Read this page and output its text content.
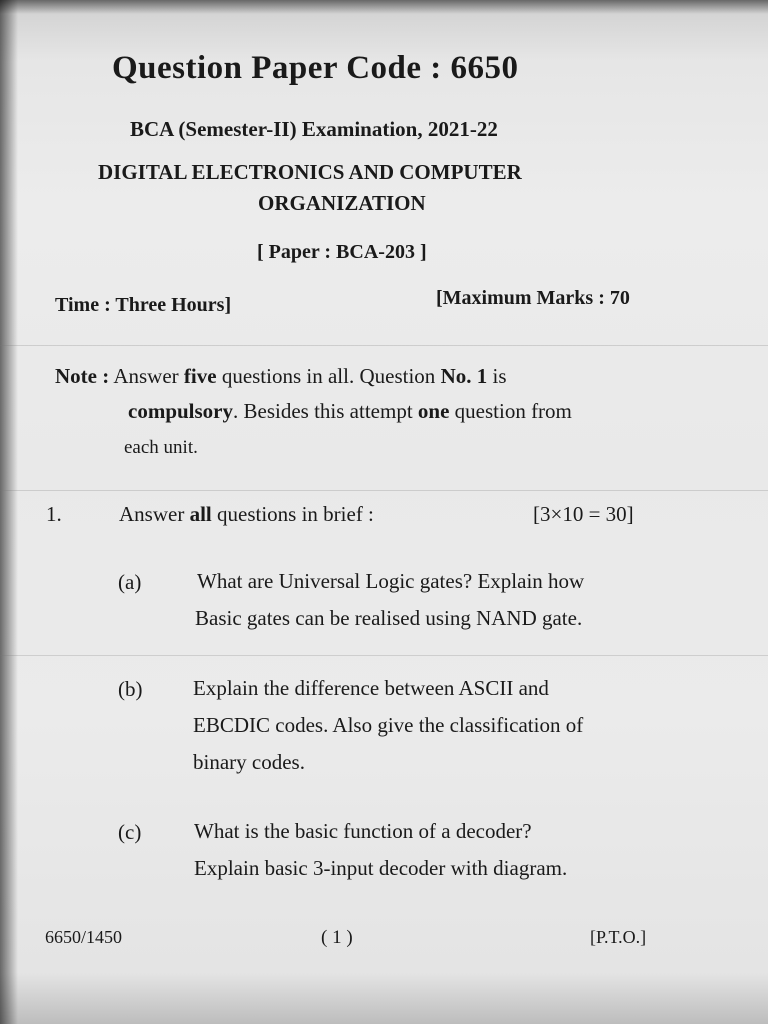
Question Paper Code : 6650
BCA (Semester-II) Examination, 2021-22
DIGITAL ELECTRONICS AND COMPUTER
ORGANIZATION
[ Paper : BCA-203 ]
Time : Three Hours]	[Maximum Marks : 70
Note : Answer five questions in all. Question No. 1 is
compulsory. Besides this attempt one question from
each unit.
1.	Answer all questions in brief :	[3×10 = 30]
(a)	What are Universal Logic gates? Explain how
Basic gates can be realised using NAND gate.
(b) Explain the difference between ASCII and
EBCDIC codes. Also give the classification of
binary codes.
(c)	What is the basic function of a decoder?
Explain basic 3-input decoder with diagram.
6650/1450	( 1 )	[P.T.O.]
